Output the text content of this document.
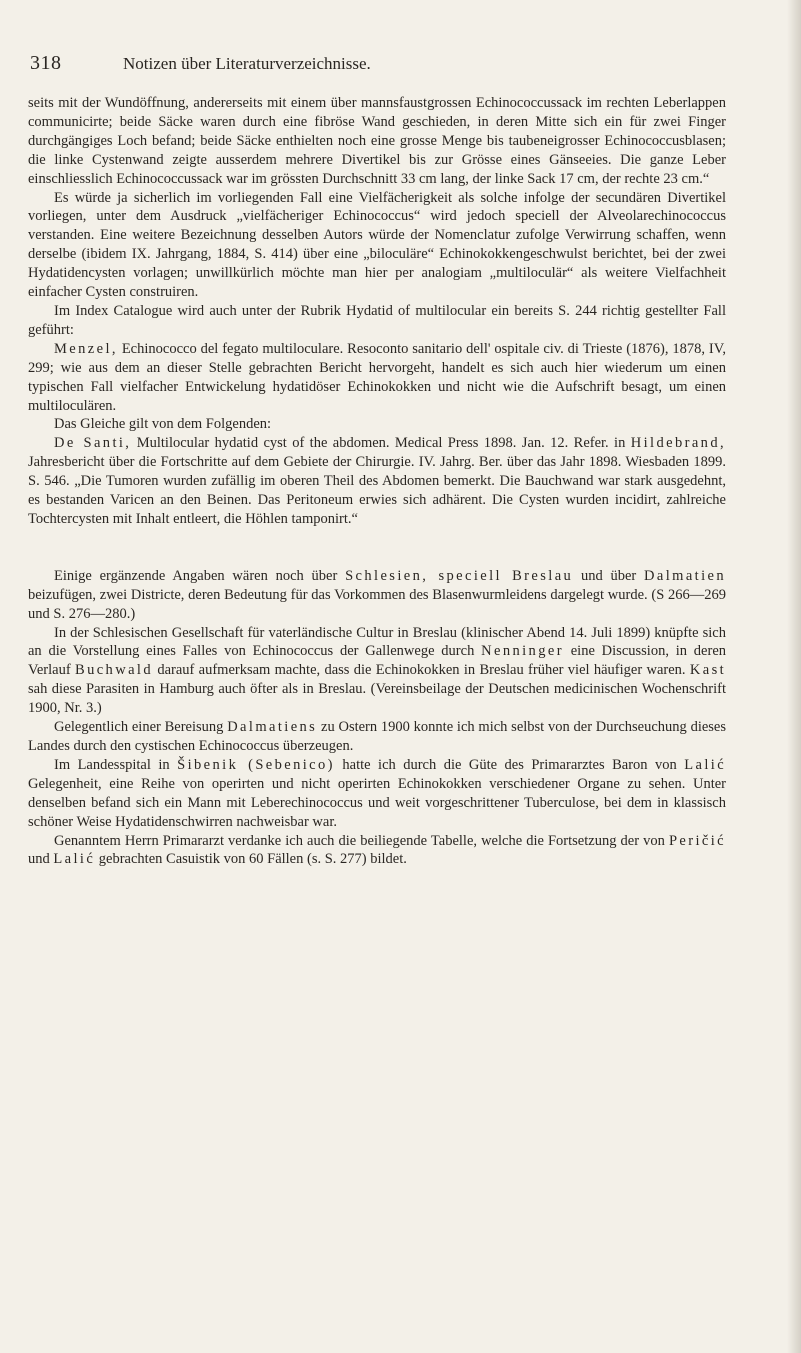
318	Notizen über Literaturverzeichnisse.

seits mit der Wundöffnung, andererseits mit einem über mannsfaustgrossen Echinococcussack im rechten Leberlappen communicirte; beide Säcke waren durch eine fibröse Wand geschieden, in deren Mitte sich ein für zwei Finger durchgängiges Loch befand; beide Säcke enthielten noch eine grosse Menge bis taubeneigrosser Echinococcusblasen; die linke Cystenwand zeigte ausserdem mehrere Divertikel bis zur Grösse eines Gänseeies. Die ganze Leber einschliesslich Echinococcussack war im grössten Durchschnitt 33 cm lang, der linke Sack 17 cm, der rechte 23 cm.“

Es würde ja sicherlich im vorliegenden Fall eine Vielfächerigkeit als solche infolge der secundären Divertikel vorliegen, unter dem Ausdruck „vielfächeriger Echinococcus“ wird jedoch speciell der Alveolarechinococcus verstanden. Eine weitere Bezeichnung desselben Autors würde der Nomenclatur zufolge Verwirrung schaffen, wenn derselbe (ibidem IX. Jahrgang, 1884, S. 414) über eine „biloculäre“ Echinokokkengeschwulst berichtet, bei der zwei Hydatidencysten vorlagen; unwillkürlich möchte man hier per analogiam „multiloculär“ als weitere Vielfachheit einfacher Cysten construiren.

Im Index Catalogue wird auch unter der Rubrik Hydatid of multilocular ein bereits S. 244 richtig gestellter Fall geführt:

Menzel, Echinococco del fegato multiloculare. Resoconto sanitario dell' ospitale civ. di Trieste (1876), 1878, IV, 299; wie aus dem an dieser Stelle gebrachten Bericht hervorgeht, handelt es sich auch hier wiederum um einen typischen Fall vielfacher Entwickelung hydatidöser Echinokokken und nicht wie die Aufschrift besagt, um einen multiloculären.

Das Gleiche gilt von dem Folgenden:

De Santi, Multilocular hydatid cyst of the abdomen. Medical Press 1898. Jan. 12. Refer. in Hildebrand, Jahresbericht über die Fortschritte auf dem Gebiete der Chirurgie. IV. Jahrg. Ber. über das Jahr 1898. Wiesbaden 1899. S. 546. „Die Tumoren wurden zufällig im oberen Theil des Abdomen bemerkt. Die Bauchwand war stark ausgedehnt, es bestanden Varicen an den Beinen. Das Peritoneum erwies sich adhärent. Die Cysten wurden incidirt, zahlreiche Tochtercysten mit Inhalt entleert, die Höhlen tamponirt.“

Einige ergänzende Angaben wären noch über Schlesien, speciell Breslau und über Dalmatien beizufügen, zwei Districte, deren Bedeutung für das Vorkommen des Blasenwurmleidens dargelegt wurde. (S 266—269 und S. 276—280.)

In der Schlesischen Gesellschaft für vaterländische Cultur in Breslau (klinischer Abend 14. Juli 1899) knüpfte sich an die Vorstellung eines Falles von Echinococcus der Gallenwege durch Nenninger eine Discussion, in deren Verlauf Buchwald darauf aufmerksam machte, dass die Echinokokken in Breslau früher viel häufiger waren. Kast sah diese Parasiten in Hamburg auch öfter als in Breslau. (Vereinsbeilage der Deutschen medicinischen Wochenschrift 1900, Nr. 3.)

Gelegentlich einer Bereisung Dalmatiens zu Ostern 1900 konnte ich mich selbst von der Durchseuchung dieses Landes durch den cystischen Echinococcus überzeugen.

Im Landesspital in Šibenik (Sebenico) hatte ich durch die Güte des Primararztes Baron von Lalić Gelegenheit, eine Reihe von operirten und nicht operirten Echinokokken verschiedener Organe zu sehen. Unter denselben befand sich ein Mann mit Leberechinococcus und weit vorgeschrittener Tuberculose, bei dem in klassisch schöner Weise Hydatidenschwirren nachweisbar war.

Genanntem Herrn Primararzt verdanke ich auch die beiliegende Tabelle, welche die Fortsetzung der von Peričić und Lalić gebrachten Casuistik von 60 Fällen (s. S. 277) bildet.
